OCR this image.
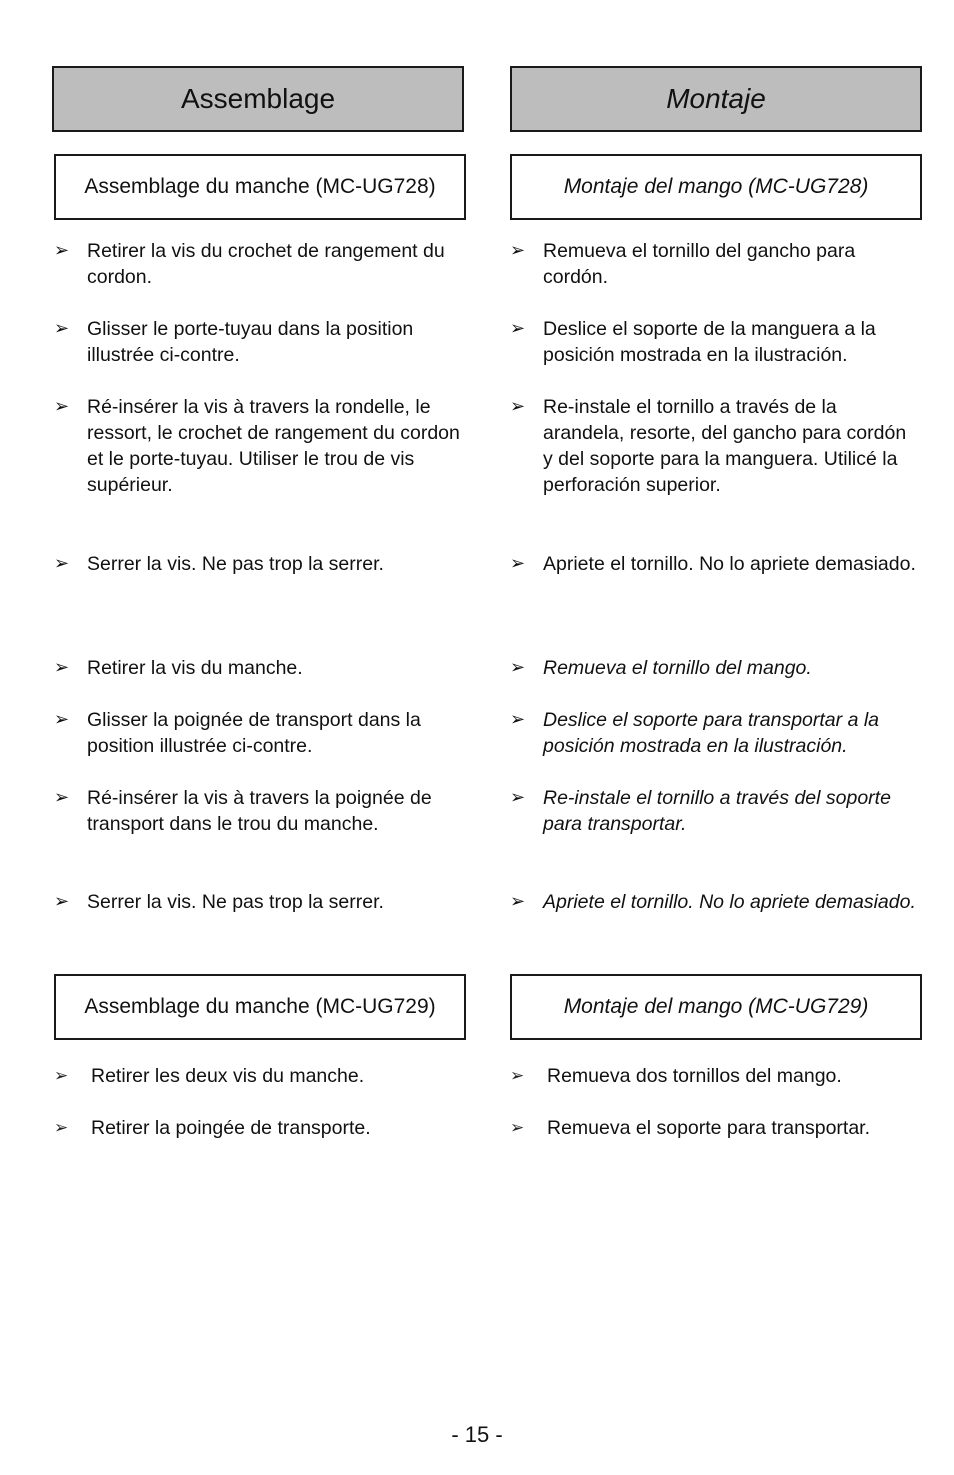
Assemblage
Assemblage du manche (MC-UG728)
➢ Retirer la vis du crochet de rangement du cordon.
➢ Glisser le porte-tuyau dans la position illustrée ci-contre.
➢ Ré-insérer la vis à travers la rondelle, le ressort, le crochet de rangement du cordon et le porte-tuyau. Utiliser le trou de vis supérieur.
➢ Serrer la vis. Ne pas trop la serrer.
➢ Retirer la vis du manche.
➢ Glisser la poignée de transport dans la position illustrée ci-contre.
➢ Ré-insérer la vis à travers la poignée de transport dans le trou du manche.
➢ Serrer la vis. Ne pas trop la serrer.
Assemblage du manche (MC-UG729)
➢	Retirer les deux vis du manche.
➢	Retirer la poingée de transporte.
Montaje
Montaje del mango (MC-UG728)
➢ Remueva el tornillo del gancho para cordón.
➢ Deslice el soporte de la manguera a la posición mostrada en la ilustración.
➢ Re-instale el tornillo a través de la arandela, resorte, del gancho para cordón y del soporte para la manguera. Utilicé la perforación superior.
➢ Apriete el tornillo. No lo apriete demasiado.
➢ Remueva el tornillo del mango.
➢ Deslice el soporte para transportar a la posición mostrada en la ilustración.
➢ Re-instale el tornillo a través del soporte para transportar.
➢ Apriete el tornillo. No lo apriete demasiado.
Montaje del mango (MC-UG729)
➢	Remueva dos tornillos del mango.
➢	Remueva el soporte para transportar.
- 15 -
